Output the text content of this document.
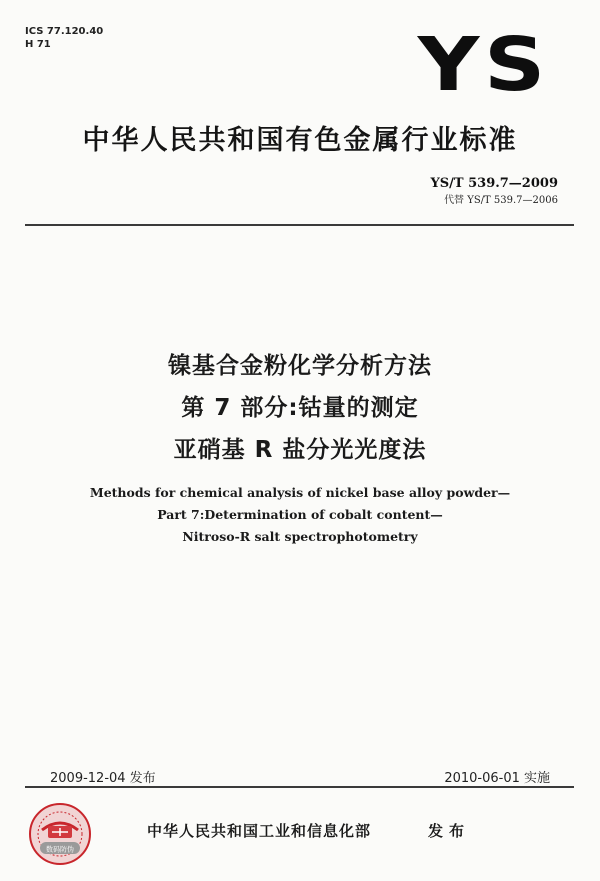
ICS 77.120.40
H 71	YS
中华人民共和国有色金属行业标准
YS/T 539.7—2009
代替 YS/T 539.7—2006
镍基合金粉化学分析方法
第 7 部分:钴量的测定
亚硝基 R 盐分光光度法
Methods for chemical analysis of nickel base alloy powder—
Part 7:Determination of cobalt content—
Nitroso-R salt spectrophotometry
2009-12-04 发布	2010-06-01 实施
数码防伪
中华人民共和国工业和信息化部	发布
